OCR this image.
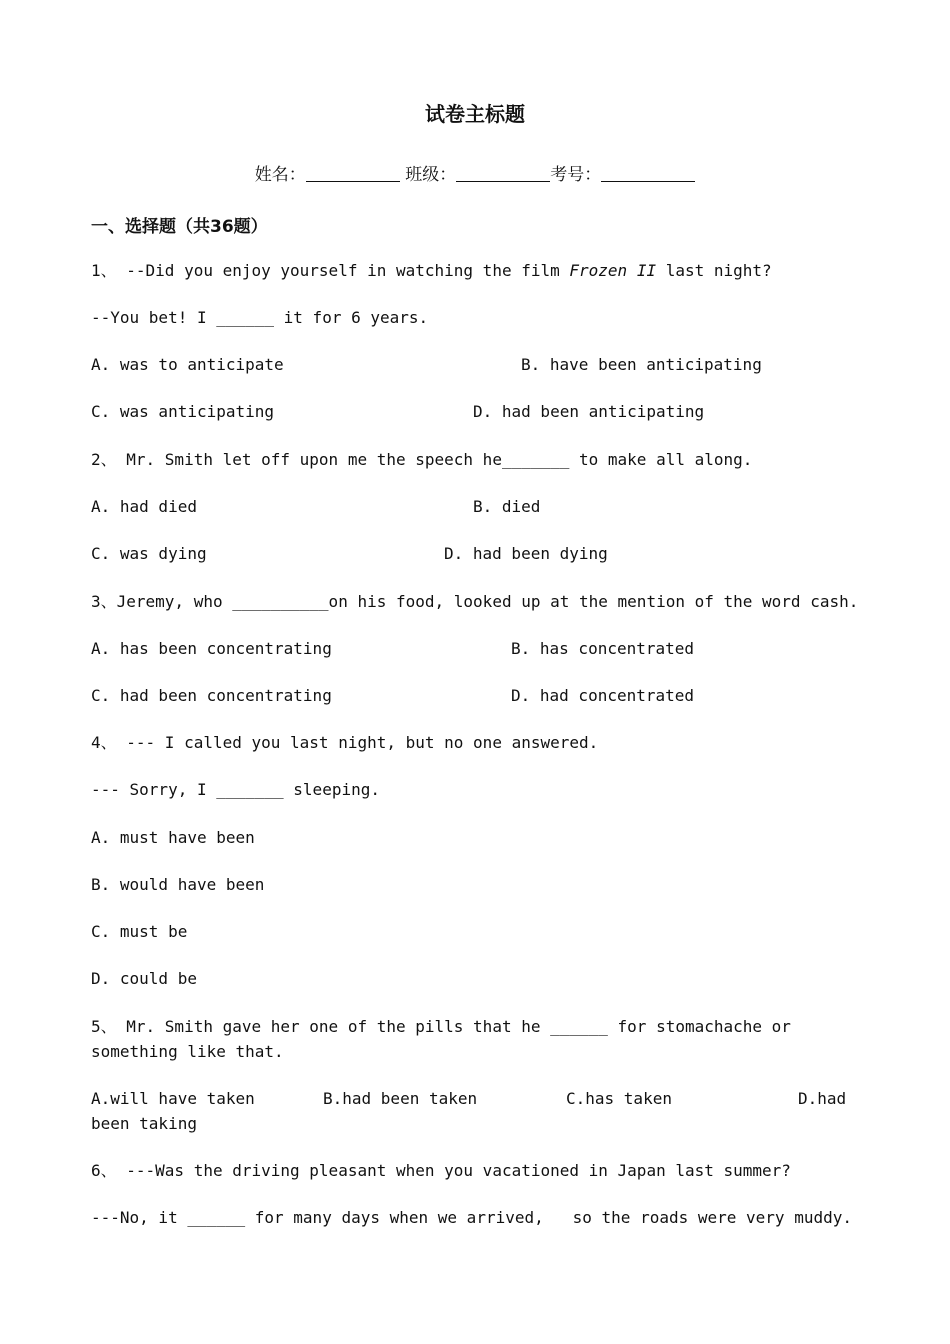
试卷主标题
姓名：	班级：	考号：
一、选择题（共36题）
1、 --Did you enjoy yourself in watching the film Frozen II last night?
--You bet! I ______ it for 6 years.
A. was to anticipate	B. have been anticipating
C. was anticipating	D. had been anticipating
2、 Mr. Smith let off upon me the speech he_______ to make all along.
A. had died	B. died
C. was dying	D. had been dying
3、Jeremy, who __________on his food, looked up at the mention of the word cash.
A. has been concentrating	B. has concentrated
C. had been concentrating	D. had concentrated
4、 --- I called you last night, but no one answered.
--- Sorry, I _______ sleeping.
A. must have been
B. would have been
C. must be
D. could be
5、 Mr. Smith gave her one of the pills that he ______ for stomachache or something like that.
A.will have taken	B.had been taken	C.has taken	D.had been taking
6、 ---Was the driving pleasant when you vacationed in Japan last summer?
---No, it ______ for many days when we arrived,   so the roads were very muddy.
